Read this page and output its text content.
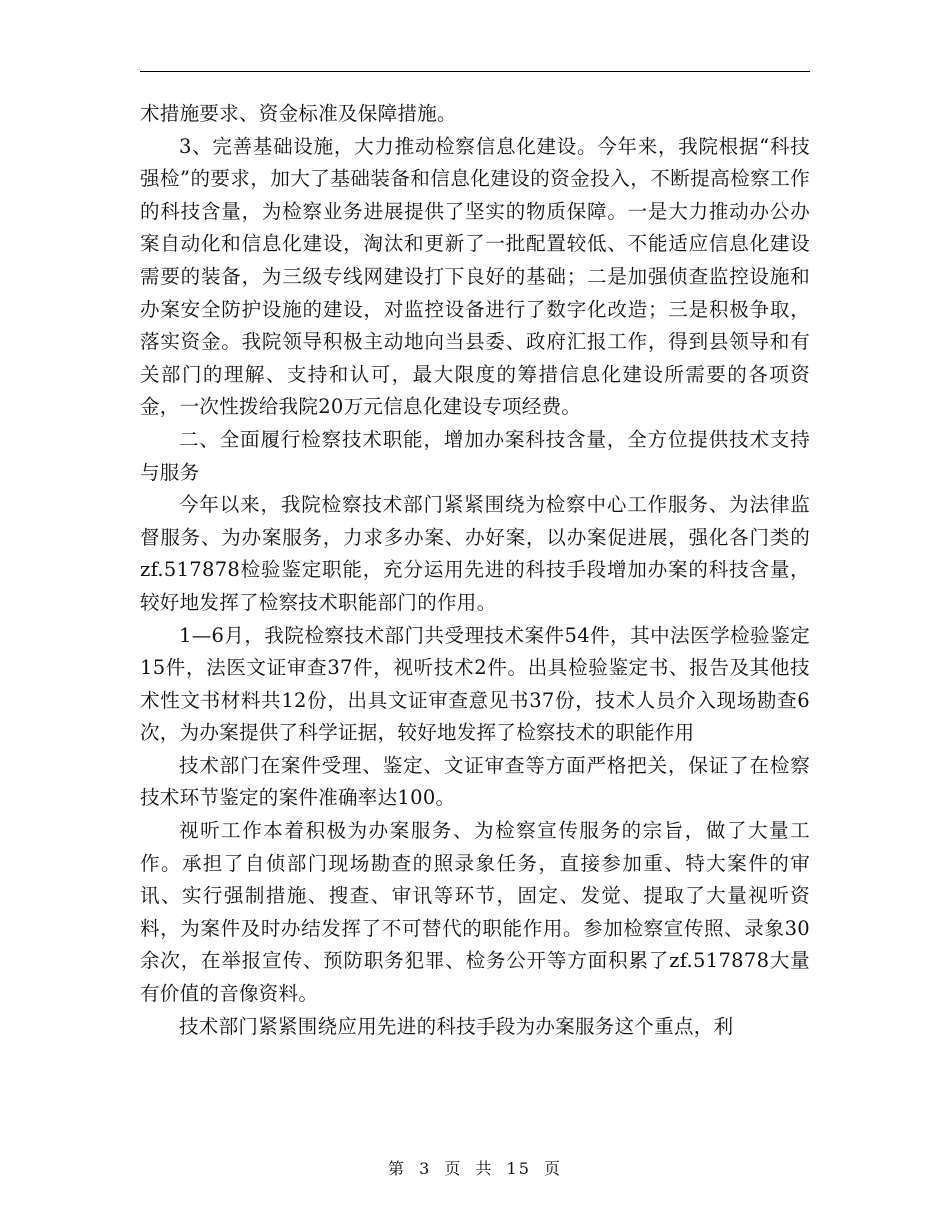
术措施要求、资金标准及保障措施。

3、完善基础设施，大力推动检察信息化建设。今年来，我院根据“科技强检”的要求，加大了基础装备和信息化建设的资金投入，不断提高检察工作的科技含量，为检察业务进展提供了坚实的物质保障。一是大力推动办公办案自动化和信息化建设，淘汰和更新了一批配置较低、不能适应信息化建设需要的装备，为三级专线网建设打下良好的基础；二是加强侦查监控设施和办案安全防护设施的建设，对监控设备进行了数字化改造；三是积极争取，落实资金。我院领导积极主动地向当县委、政府汇报工作，得到县领导和有关部门的理解、支持和认可，最大限度的筹措信息化建设所需要的各项资金，一次性拨给我院20万元信息化建设专项经费。

二、全面履行检察技术职能，增加办案科技含量，全方位提供技术支持与服务

今年以来，我院检察技术部门紧紧围绕为检察中心工作服务、为法律监督服务、为办案服务，力求多办案、办好案，以办案促进展，强化各门类的zf.517878检验鉴定职能，充分运用先进的科技手段增加办案的科技含量，较好地发挥了检察技术职能部门的作用。

1—6月，我院检察技术部门共受理技术案件54件，其中法医学检验鉴定15件，法医文证审查37件，视听技术2件。出具检验鉴定书、报告及其他技术性文书材料共12份，出具文证审查意见书37份，技术人员介入现场勘查6次，为办案提供了科学证据，较好地发挥了检察技术的职能作用

技术部门在案件受理、鉴定、文证审查等方面严格把关，保证了在检察技术环节鉴定的案件准确率达100。

视听工作本着积极为办案服务、为检察宣传服务的宗旨，做了大量工作。承担了自侦部门现场勘查的照录象任务，直接参加重、特大案件的审讯、实行强制措施、搜查、审讯等环节，固定、发觉、提取了大量视听资料，为案件及时办结发挥了不可替代的职能作用。参加检察宣传照、录象30余次，在举报宣传、预防职务犯罪、检务公开等方面积累了zf.517878大量有价值的音像资料。

技术部门紧紧围绕应用先进的科技手段为办案服务这个重点，利

第 3 页 共 15 页
